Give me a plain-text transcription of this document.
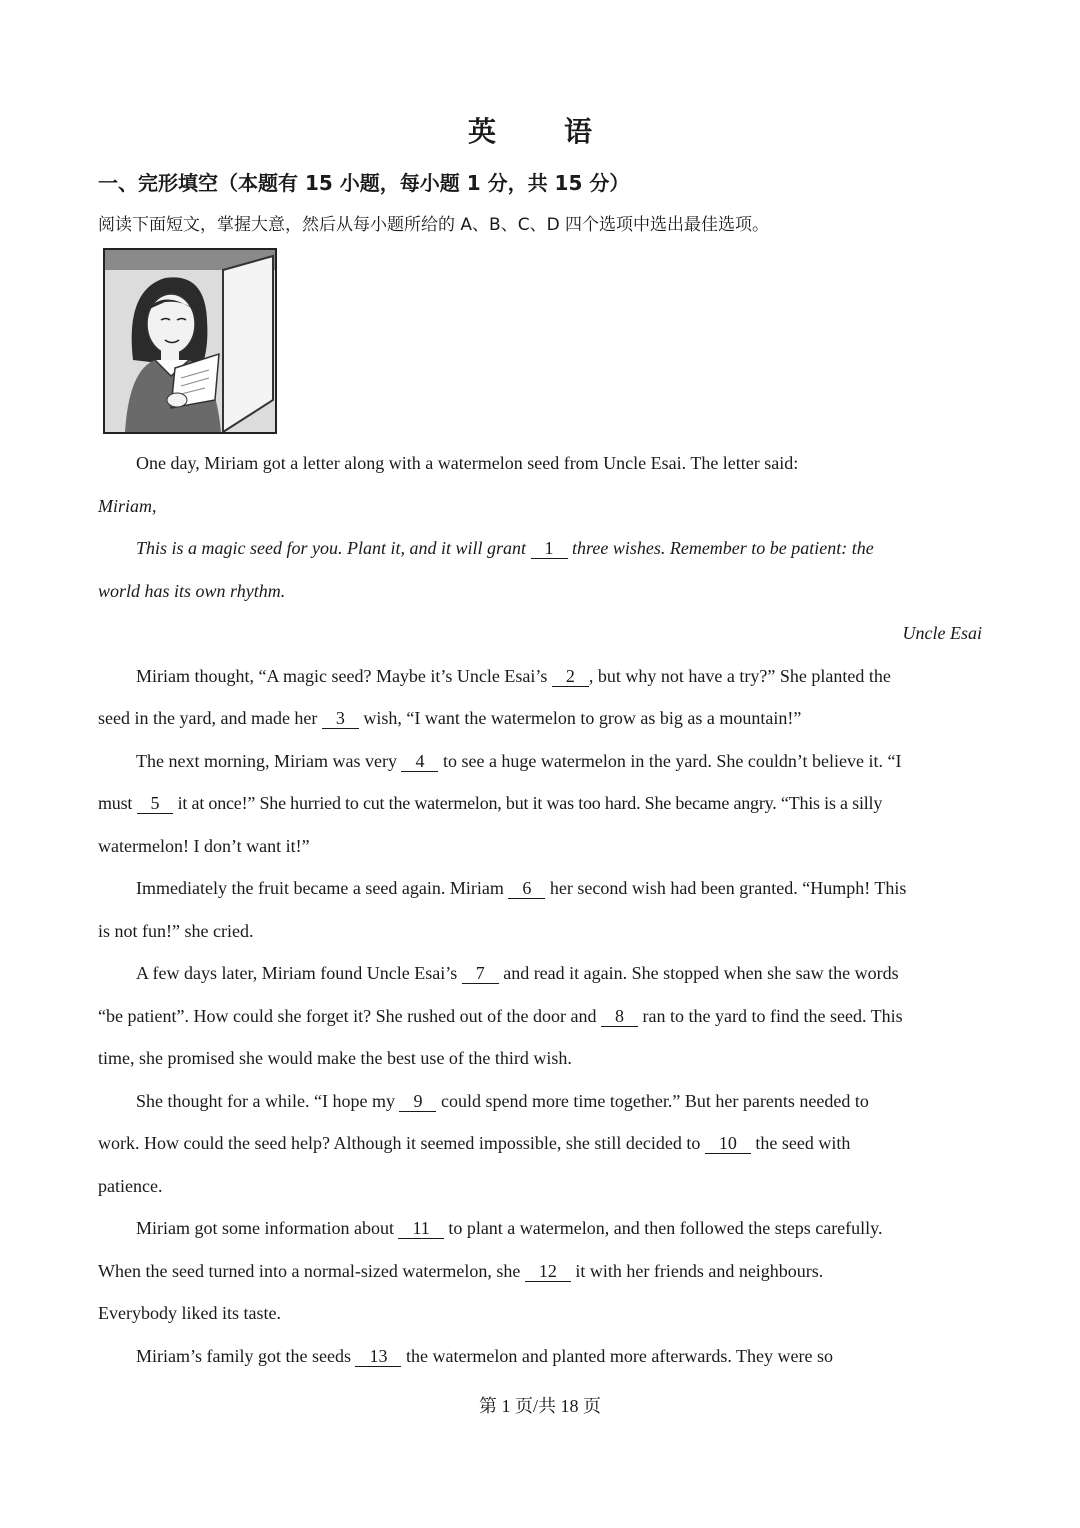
英　语
一、完形填空（本题有 15 小题，每小题 1 分，共 15 分）
阅读下面短文，掌握大意，然后从每小题所给的 A、B、C、D 四个选项中选出最佳选项。
One day, Miriam got a letter along with a watermelon seed from Uncle Esai. The letter said:
Miriam,
This is a magic seed for you. Plant it, and it will grant 1 three wishes. Remember to be patient: the
world has its own rhythm.
Uncle Esai
Miriam thought, “A magic seed? Maybe it’s Uncle Esai’s 2 , but why not have a try?” She planted the
seed in the yard, and made her 3 wish, “I want the watermelon to grow as big as a mountain!”
The next morning, Miriam was very 4 to see a huge watermelon in the yard. She couldn’t believe it. “I
must 5 it at once!” She hurried to cut the watermelon, but it was too hard. She became angry. “This is a silly
watermelon! I don’t want it!”
Immediately the fruit became a seed again. Miriam 6 her second wish had been granted. “Humph! This
is not fun!” she cried.
A few days later, Miriam found Uncle Esai’s 7 and read it again. She stopped when she saw the words
“be patient”. How could she forget it? She rushed out of the door and 8 ran to the yard to find the seed. This
time, she promised she would make the best use of the third wish.
She thought for a while. “I hope my 9 could spend more time together.” But her parents needed to
work. How could the seed help? Although it seemed impossible, she still decided to 10 the seed with
patience.
Miriam got some information about 11 to plant a watermelon, and then followed the steps carefully.
When the seed turned into a normal-sized watermelon, she 12 it with her friends and neighbours.
Everybody liked its taste.
Miriam’s family got the seeds 13 the watermelon and planted more afterwards. They were so
第 1 页/共 18 页
